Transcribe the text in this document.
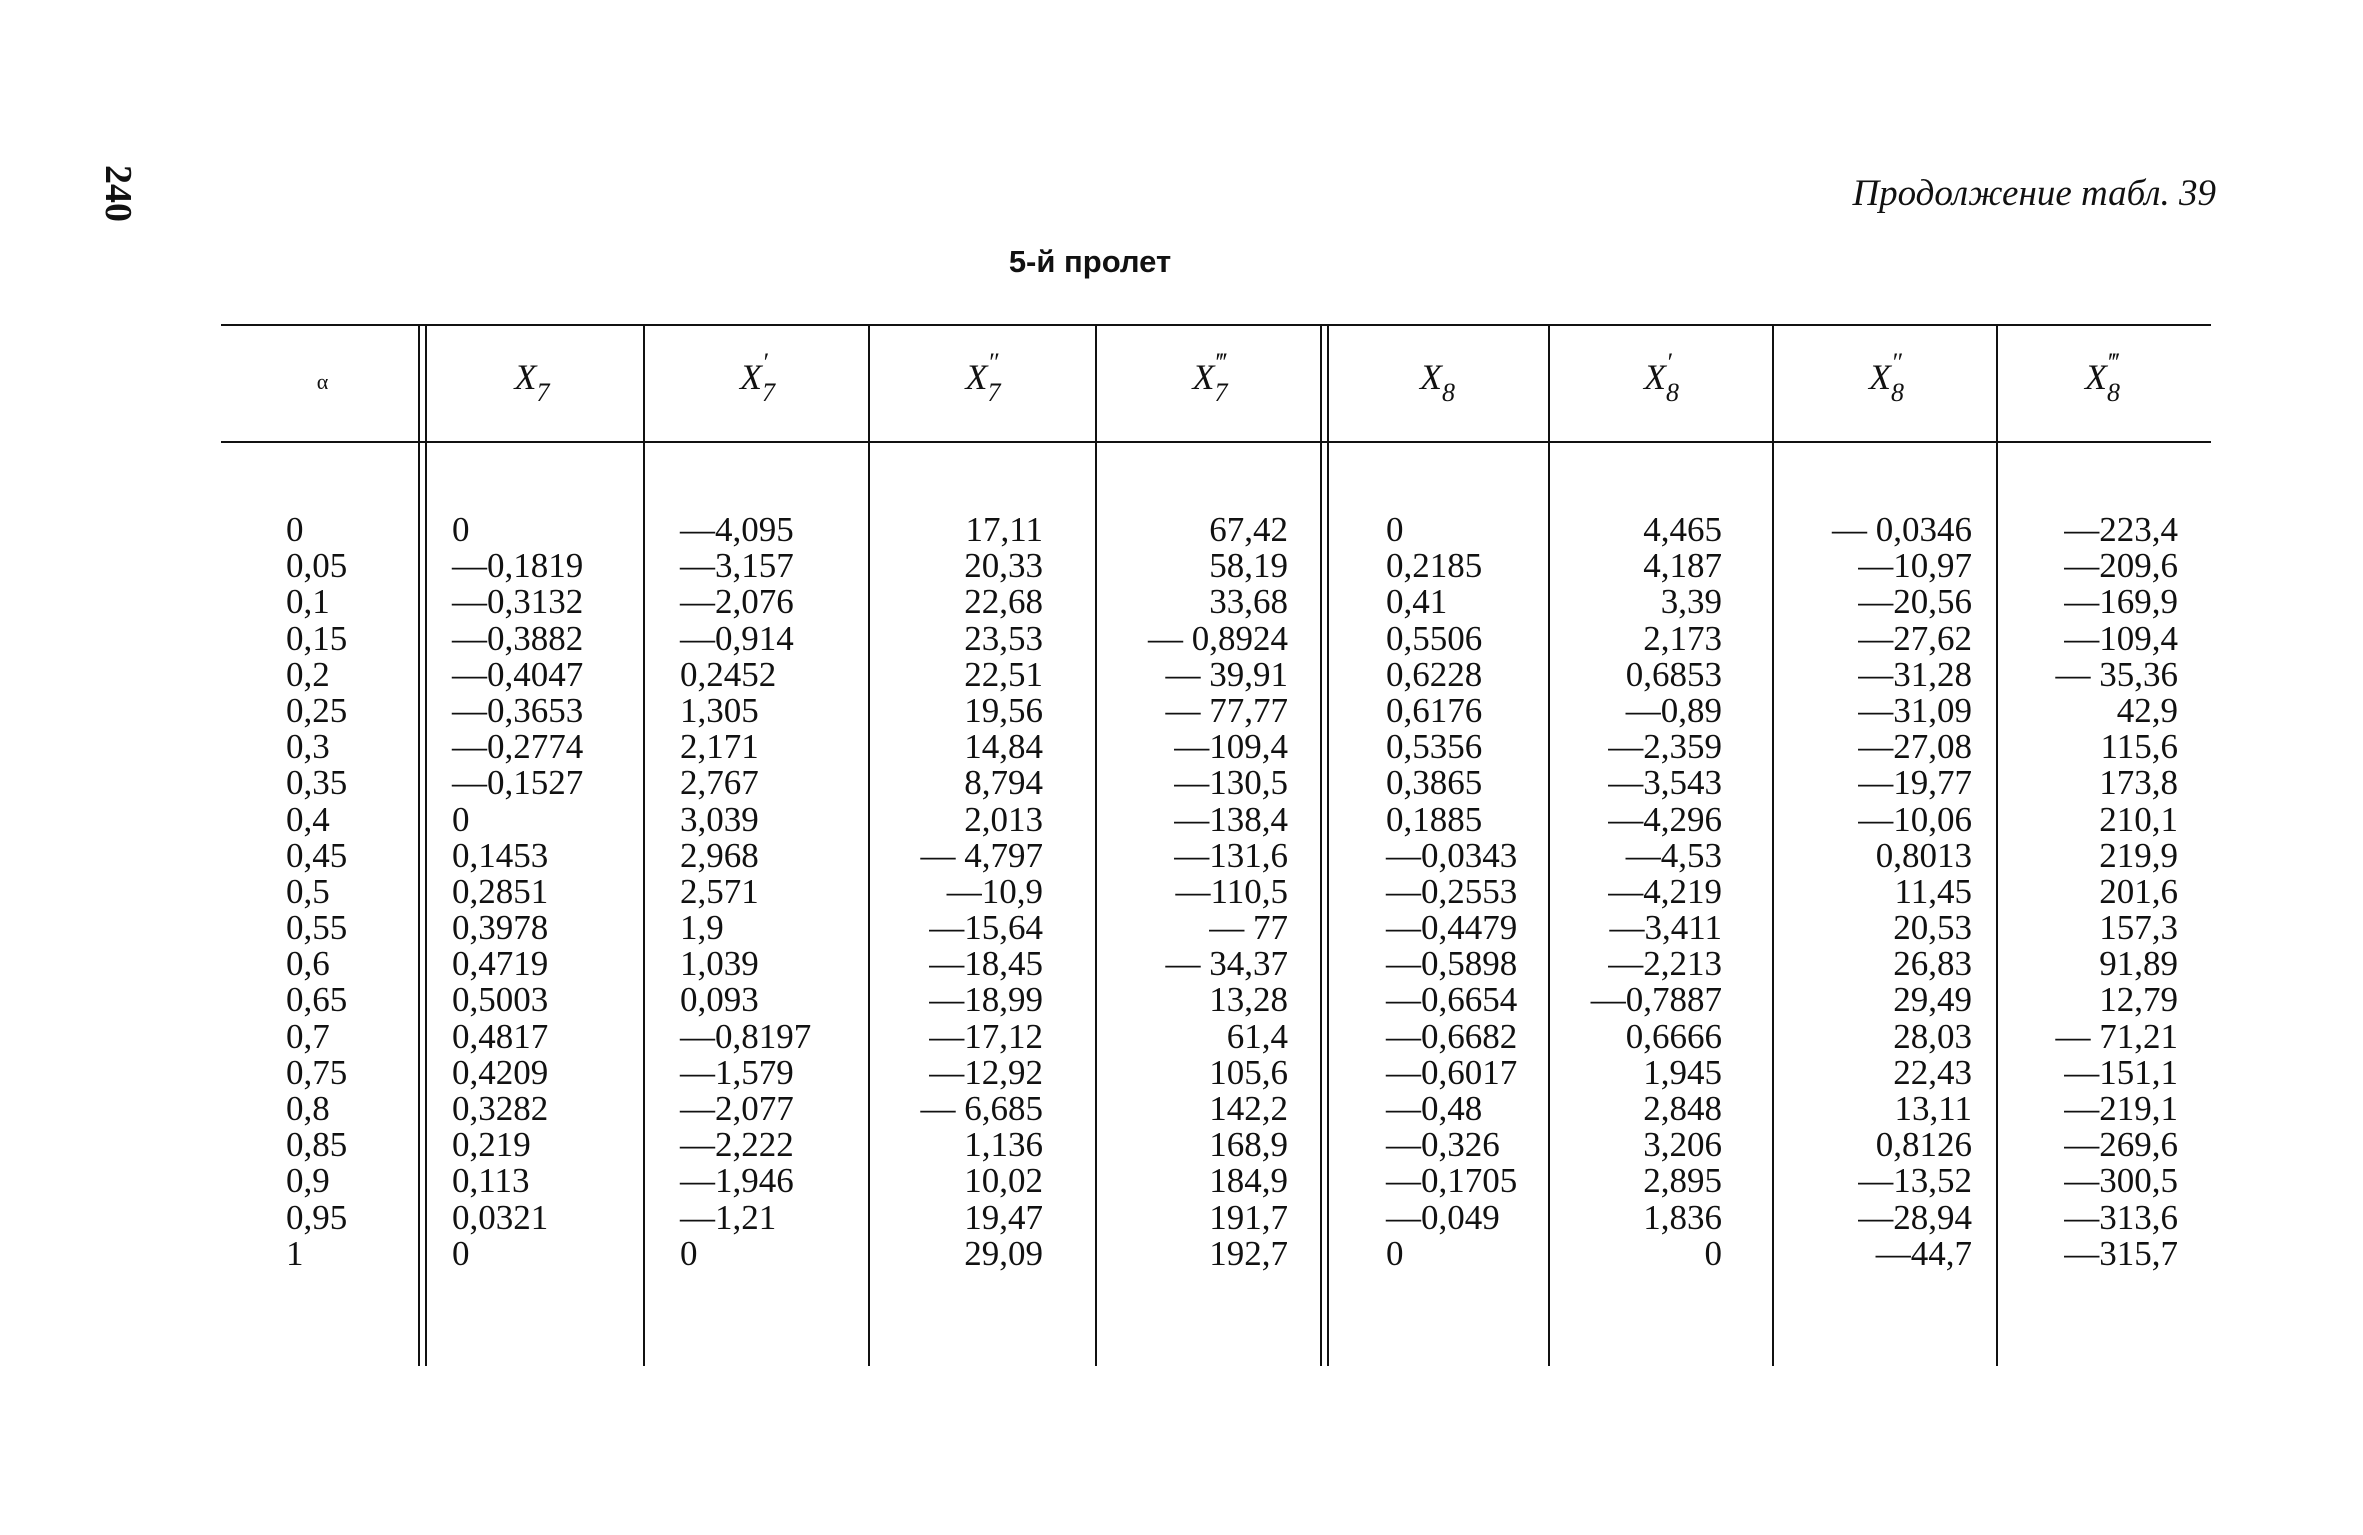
240	Продолжение табл. 39
5-й пролет
α
0
0,05
0,1
0,15
0,2
0,25
0,3
0,35
0,4
0,45
0,5
0,55
0,6
0,65
0,7
0,75
0,8
0,85
0,9
0,95
1
X
7
0
—0,1819
—0,3132
—0,3882
—0,4047
—0,3653
—0,2774
—0,1527
0
0,1453
0,2851
0,3978
0,4719
0,5003
0,4817
0,4209
0,3282
0,219
0,113
0,0321
0
X ′
7
—4,095
—3,157
—2,076
—0,914
0,2452
1,305
2,171
2,767
3,039
2,968
2,571
1,9
1,039
0,093
—0,8197
—1,579
—2,077
—2,222
—1,946
—1,21
0
X ″
7
17,11
20,33
22,68
23,53
22,51
19,56
14,84
8,794
2,013
— 4,797
—10,9
—15,64
—18,45
—18,99
—17,12
—12,92
— 6,685
1,136
10,02
19,47
29,09
X ‴
7
67,42
58,19
33,68
— 0,8924
— 39,91
— 77,77
—109,4
—130,5
—138,4
—131,6
—110,5
— 77
— 34,37
13,28
61,4
105,6
142,2
168,9
184,9
191,7
192,7
X
8
0
0,2185
0,41
0,5506
0,6228
0,6176
0,5356
0,3865
0,1885
—0,0343
—0,2553
—0,4479
—0,5898
—0,6654
—0,6682
—0,6017
—0,48
—0,326
—0,1705
—0,049
0
X ′
8
4,465
4,187
3,39
2,173
0,6853
—0,89
—2,359
—3,543
—4,296
—4,53
—4,219
—3,411
—2,213
—0,7887
0,6666
1,945
2,848
3,206
2,895
1,836
0
X ″
8
— 0,0346
—10,97
—20,56
—27,62
—31,28
—31,09
—27,08
—19,77
—10,06
0,8013
11,45
20,53
26,83
29,49
28,03
22,43
13,11
0,8126
—13,52
—28,94
—44,7
X ‴
8
—223,4
—209,6
—169,9
—109,4
— 35,36
42,9
115,6
173,8
210,1
219,9
201,6
157,3
91,89
12,79
— 71,21
—151,1
—219,1
—269,6
—300,5
—313,6
—315,7
